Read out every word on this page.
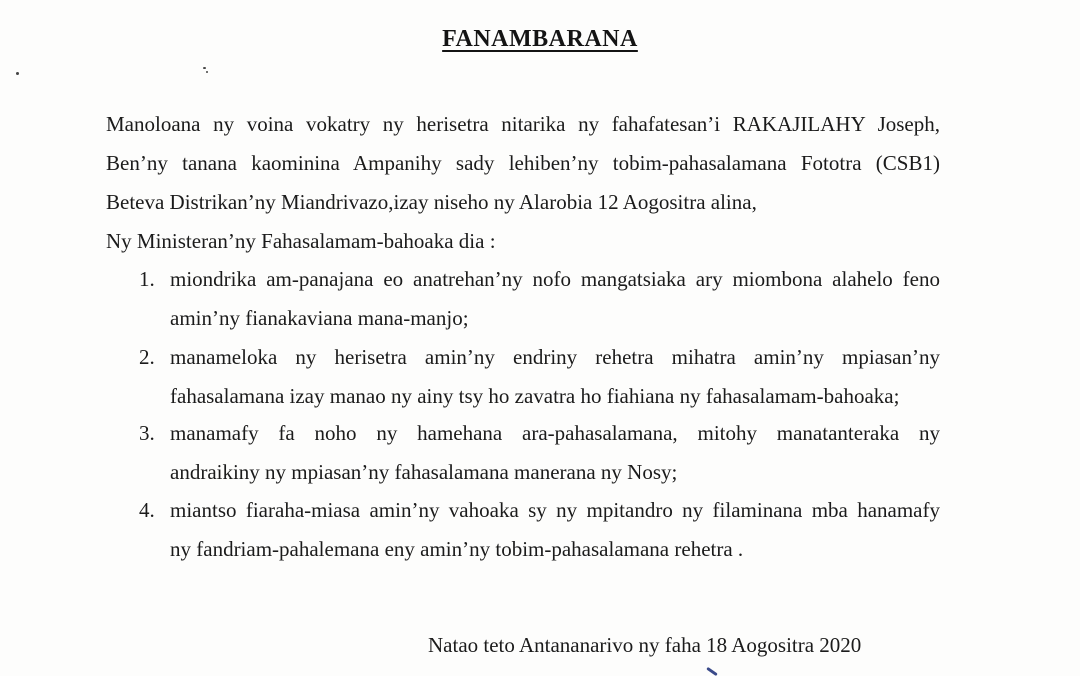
FANAMBARANA
Manoloana ny voina vokatry ny herisetra nitarika ny fahafatesan’i RAKAJILAHY Joseph,
Ben’ny tanana kaominina Ampanihy sady lehiben’ny tobim-pahasalamana Fototra (CSB1)
Beteva Distrikan’ny Miandrivazo,izay niseho ny Alarobia 12 Aogositra alina,
Ny Ministeran’ny Fahasalamam-bahoaka dia :
1. miondrika am-panajana eo anatrehan’ny nofo mangatsiaka ary miombona alahelo feno
amin’ny fianakaviana mana-manjo;
2. manameloka ny herisetra amin’ny endriny rehetra mihatra amin’ny mpiasan’ny
fahasalamana izay manao ny ainy tsy ho zavatra ho fiahiana ny fahasalamam-bahoaka;
3. manamafy fa noho ny hamehana ara-pahasalamana, mitohy manatanteraka ny
andraikiny ny mpiasan’ny fahasalamana manerana ny Nosy;
4. miantso fiaraha-miasa amin’ny vahoaka sy ny mpitandro ny filaminana mba hanamafy
ny fandriam-pahalemana eny amin’ny tobim-pahasalamana rehetra .
Natao teto Antananarivo ny faha 18 Aogositra 2020
